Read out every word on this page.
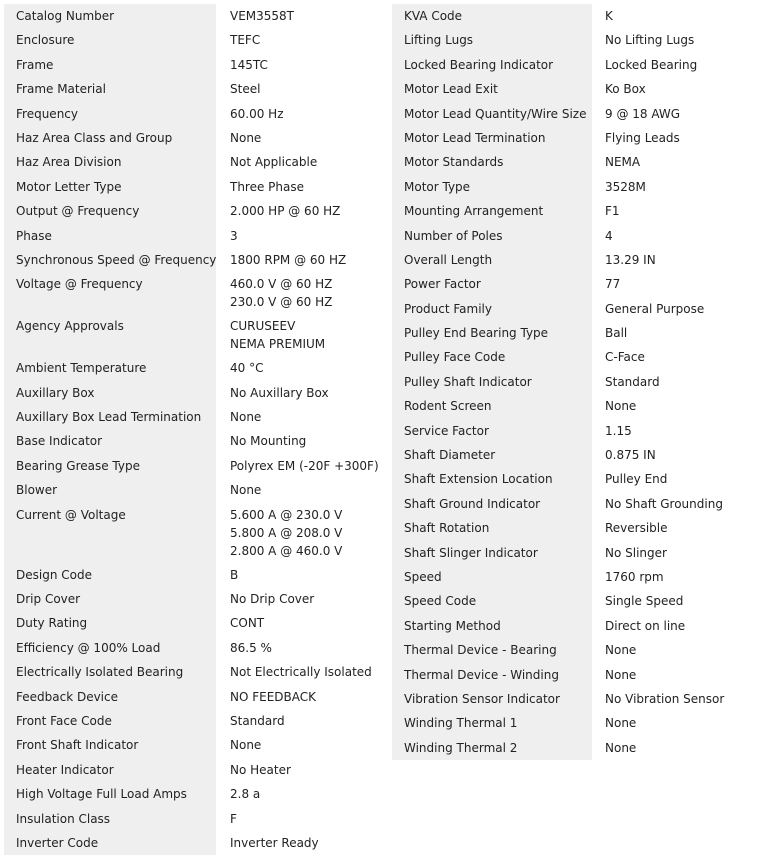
Catalog Number	VEM3558T
Enclosure	TEFC
Frame	145TC
Frame Material	Steel
Frequency	60.00 Hz
Haz Area Class and Group	None
Haz Area Division	Not Applicable
Motor Letter Type	Three Phase
Output @ Frequency	2.000 HP @ 60 HZ
Phase	3
Synchronous Speed @ Frequency 1800 RPM @ 60 HZ
Voltage @ Frequency	460.0 V @ 60 HZ
230.0 V @ 60 HZ
Agency Approvals	CURUSEEV
NEMA PREMIUM
Ambient Temperature	40 °C
Auxillary Box	No Auxillary Box
Auxillary Box Lead Termination	None
Base Indicator	No Mounting
Bearing Grease Type	Polyrex EM (-20F +300F)
Blower	None
Current @ Voltage	5.600 A @ 230.0 V
5.800 A @ 208.0 V
2.800 A @ 460.0 V
Design Code	B
Drip Cover	No Drip Cover
Duty Rating	CONT
Efficiency @ 100% Load	86.5 %
Electrically Isolated Bearing	Not Electrically Isolated
Feedback Device	NO FEEDBACK
Front Face Code	Standard
Front Shaft Indicator	None
Heater Indicator	No Heater
High Voltage Full Load Amps	2.8 a
Insulation Class	F
Inverter Code	Inverter Ready
KVA Code	K
Lifting Lugs	No Lifting Lugs
Locked Bearing Indicator	Locked Bearing
Motor Lead Exit	Ko Box
Motor Lead Quantity/Wire Size	9 @ 18 AWG
Motor Lead Termination	Flying Leads
Motor Standards	NEMA
Motor Type	3528M
Mounting Arrangement	F1
Number of Poles	4
Overall Length	13.29 IN
Power Factor	77
Product Family	General Purpose
Pulley End Bearing Type	Ball
Pulley Face Code	C-Face
Pulley Shaft Indicator	Standard
Rodent Screen	None
Service Factor	1.15
Shaft Diameter	0.875 IN
Shaft Extension Location	Pulley End
Shaft Ground Indicator	No Shaft Grounding
Shaft Rotation	Reversible
Shaft Slinger Indicator	No Slinger
Speed	1760 rpm
Speed Code	Single Speed
Starting Method	Direct on line
Thermal Device - Bearing	None
Thermal Device - Winding	None
Vibration Sensor Indicator	No Vibration Sensor
Winding Thermal 1	None
Winding Thermal 2	None
